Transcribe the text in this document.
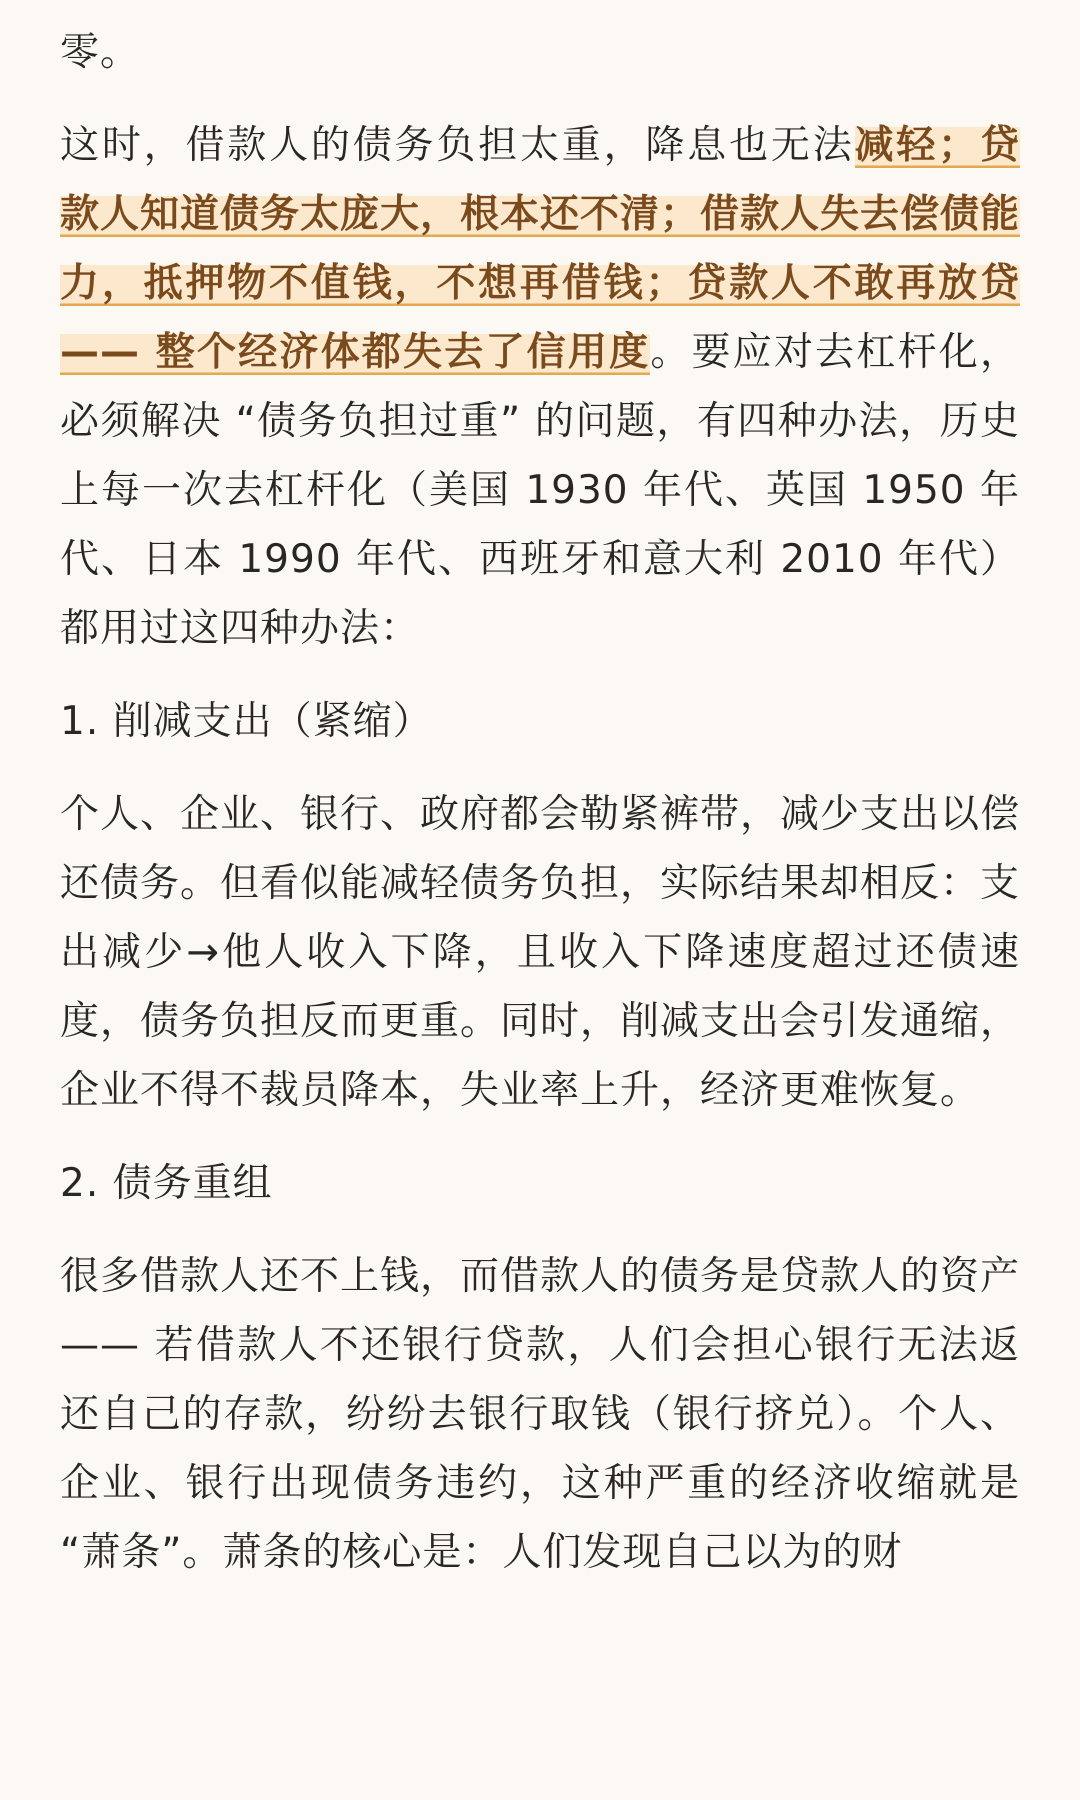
零。

这时，借款人的债务负担太重，降息也无法减轻；贷款人知道债务太庞大，根本还不清；借款人失去偿债能力，抵押物不值钱，不想再借钱；贷款人不敢再放贷 —— 整个经济体都失去了信用度。要应对去杠杆化，必须解决 “债务负担过重” 的问题，有四种办法，历史上每一次去杠杆化（美国 1930 年代、英国 1950 年代、日本 1990 年代、西班牙和意大利 2010 年代）都用过这四种办法：

1. 削减支出（紧缩）

个人、企业、银行、政府都会勒紧裤带，减少支出以偿还债务。但看似能减轻债务负担，实际结果却相反：支出减少→他人收入下降，且收入下降速度超过还债速度，债务负担反而更重。同时，削减支出会引发通缩，企业不得不裁员降本，失业率上升，经济更难恢复。

2. 债务重组

很多借款人还不上钱，而借款人的债务是贷款人的资产 —— 若借款人不还银行贷款，人们会担心银行无法返还自己的存款，纷纷去银行取钱（银行挤兑）。个人、企业、银行出现债务违约，这种严重的经济收缩就是 “萧条”。萧条的核心是：人们发现自己以为的财
